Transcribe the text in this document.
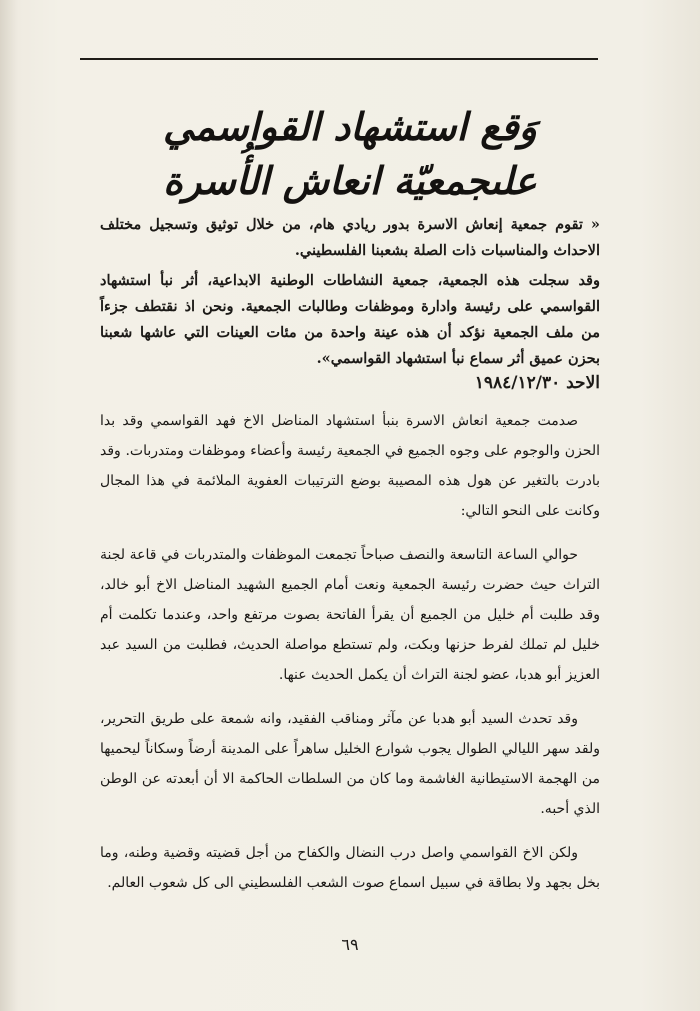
وَقع استشهاد القواسمي
علىجمعيّة انعاش الأُسرة

« تقوم جمعية إنعاش الاسرة بدور ريادي هام، من خلال توثيق وتسجيل مختلف الاحداث والمناسبات ذات الصلة بشعبنا الفلسطيني.

وقد سجلت هذه الجمعية، جمعية النشاطات الوطنية الابداعية، أثر نبأ استشهاد القواسمي على رئيسة وادارة وموظفات وطالبات الجمعية. ونحن اذ نقتطف جزءاً من ملف الجمعية نؤكد أن هذه عينة واحدة من مئات العينات التي عاشها شعبنا بحزن عميق أثر سماع نبأ استشهاد القواسمي».

الاحد ١٩٨٤/١٢/٣٠

صدمت جمعية انعاش الاسرة بنبأ استشهاد المناضل الاخ فهد القواسمي وقد بدا الحزن والوجوم على وجوه الجميع في الجمعية رئيسة وأعضاء وموظفات ومتدربات. وقد بادرت بالتغير عن هول هذه المصيبة بوضع الترتيبات العفوية الملائمة في هذا المجال وكانت على النحو التالي:

حوالي الساعة التاسعة والنصف صباحاً تجمعت الموظفات والمتدربات في قاعة لجنة التراث حيث حضرت رئيسة الجمعية ونعت أمام الجميع الشهيد المناضل الاخ أبو خالد، وقد طلبت أم خليل من الجميع أن يقرأ الفاتحة بصوت مرتفع واحد، وعندما تكلمت أم خليل لم تملك لفرط حزنها وبكت، ولم تستطع مواصلة الحديث، فطلبت من السيد عبد العزيز أبو هدبا، عضو لجنة التراث أن يكمل الحديث عنها.

وقد تحدث السيد أبو هدبا عن مآثر ومناقب الفقيد، وانه شمعة على طريق التحرير، ولقد سهر الليالي الطوال يجوب شوارع الخليل ساهراً على المدينة أرضاً وسكاناً ليحميها من الهجمة الاستيطانية الغاشمة وما كان من السلطات الحاكمة الا أن أبعدته عن الوطن الذي أحبه.

ولكن الاخ القواسمي واصل درب النضال والكفاح من أجل قضيته وقضية وطنه، وما بخل بجهد ولا بطاقة في سبيل اسماع صوت الشعب الفلسطيني الى كل شعوب العالم.

٦٩
